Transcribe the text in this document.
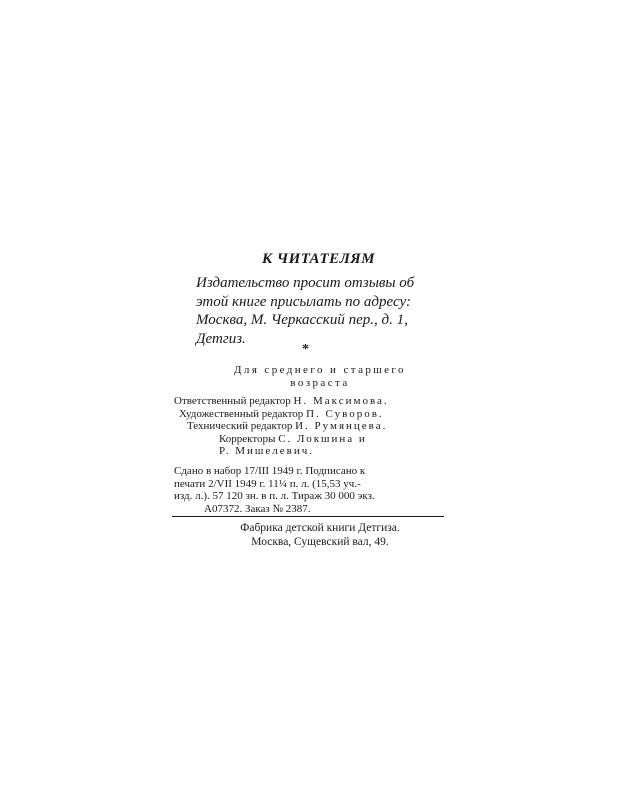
К ЧИТАТЕЛЯМ
Издательство просит отзывы об
этой книге присылать по адресу:
Москва, М. Черкасский пер., д. 1,
Детгиз.
*
Для среднего и старшего
возраста
Ответственный редактор Н. Максимова.
Художественный редактор П. Суворов.
Технический редактор И. Румянцева.
Корректоры С. Локшина и
Р. Мишелевич.
Сдано в набор 17/III 1949 г. Подписано к
печати 2/VII 1949 г. 11¼ п. л. (15,53 уч.-
изд. л.). 57 120 зн. в п. л. Тираж 30 000 экз.
А07372. Заказ № 2387.
Фабрика детской книги Детгиза.
Москва, Сущевский вал, 49.
